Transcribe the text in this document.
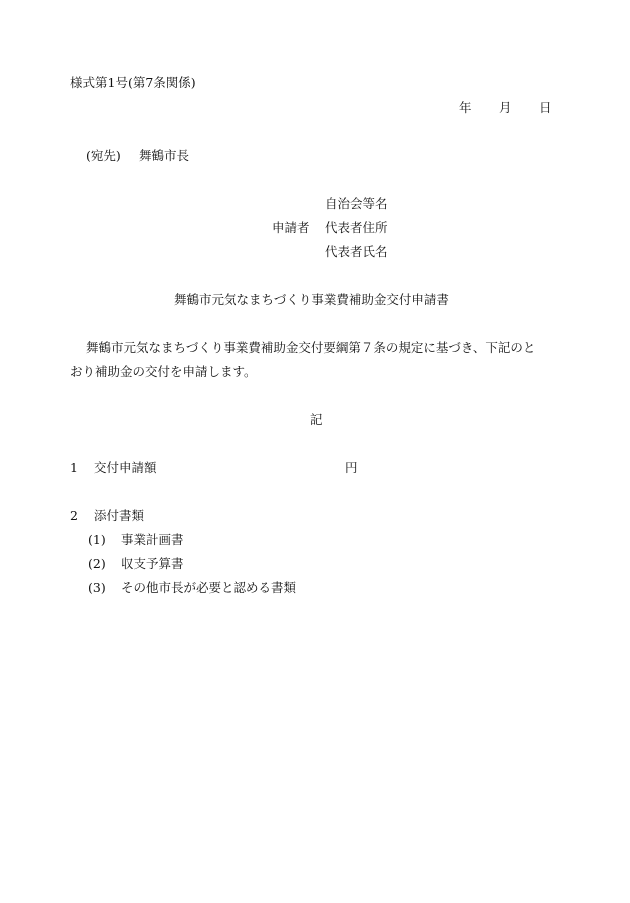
様式第1号(第7条関係)
年 月 日
(宛先) 舞鶴市長
自治会等名
申請者 代表者住所
代表者氏名
舞鶴市元気なまちづくり事業費補助金交付申請書
舞鶴市元気なまちづくり事業費補助金交付要綱第７条の規定に基づき、下記のと
おり補助金の交付を申請します。
記
1 交付申請額	円
2 添付書類
(1) 事業計画書
(2) 収支予算書
(3) その他市長が必要と認める書類
